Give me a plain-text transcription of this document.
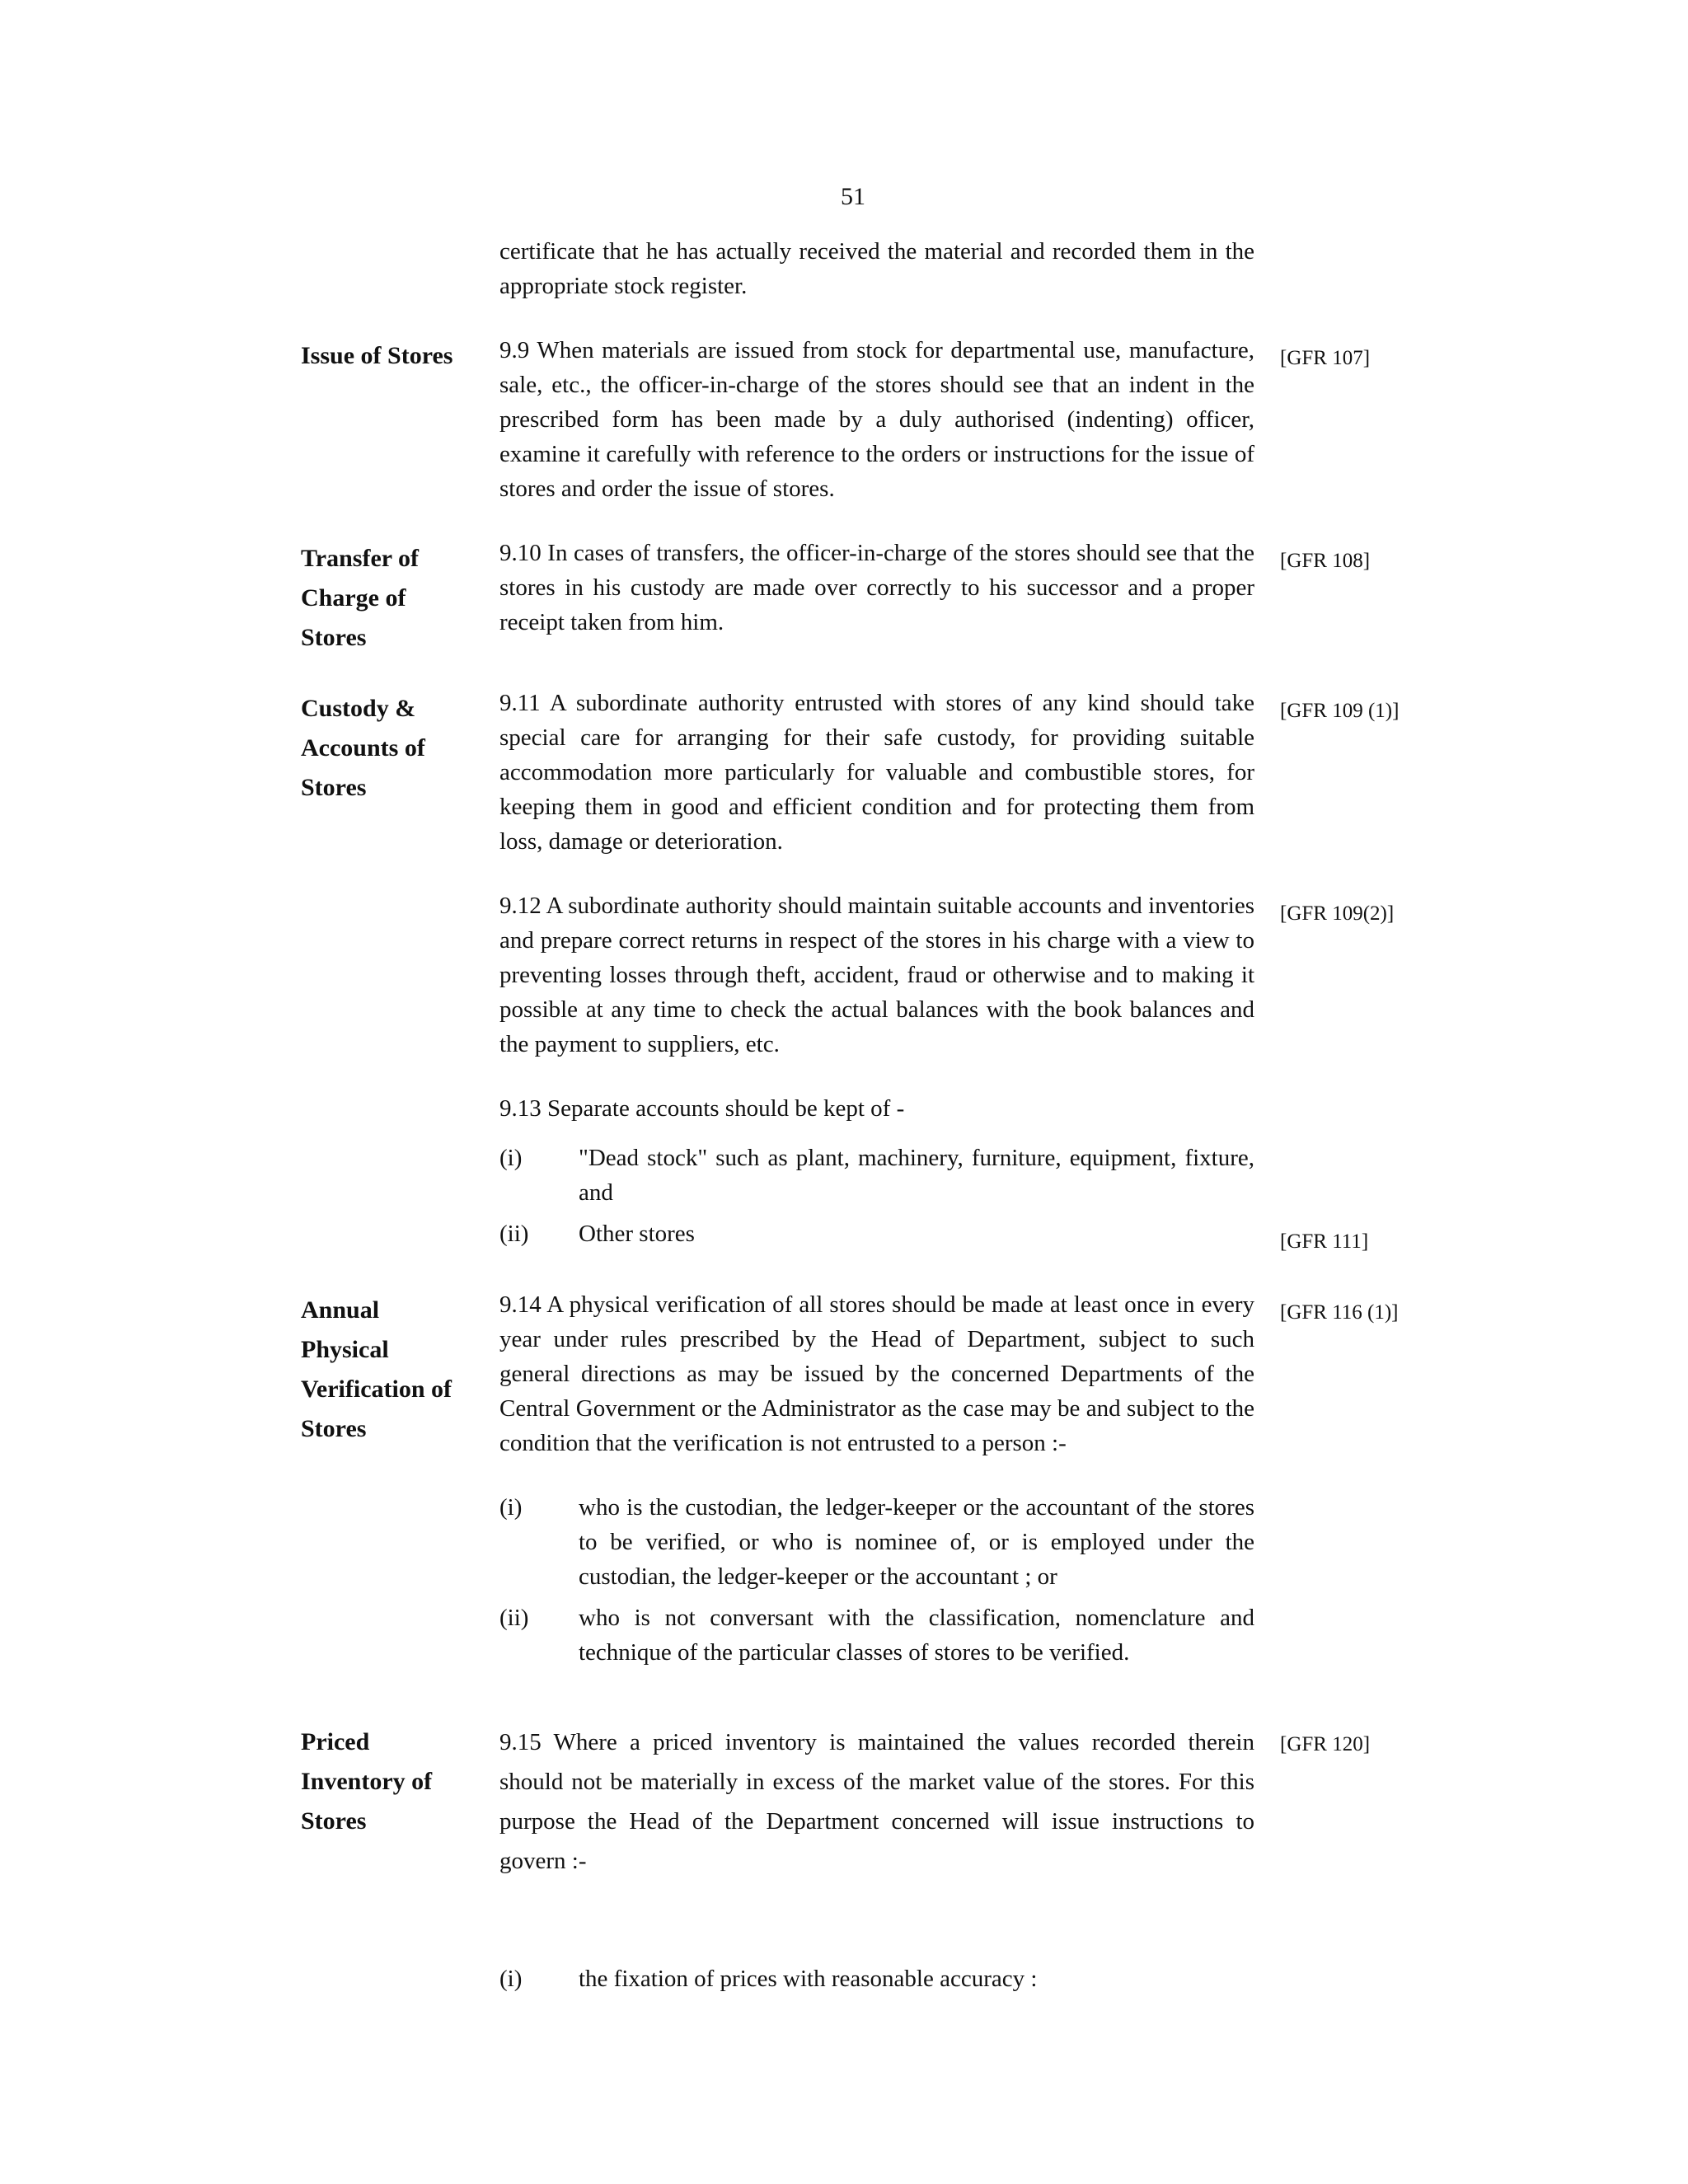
51
certificate that he has actually received the material and recorded them in the appropriate stock register.
Issue of Stores	9.9 When materials are issued from stock for departmental use, manufacture, sale, etc., the officer-in-charge of the stores should see that an indent in the prescribed form has been made by a duly authorised (indenting) officer, examine it carefully with reference to the orders or instructions for the issue of stores and order the issue of stores.
[GFR 107]
Transfer of
Charge of
Stores
9.10 In cases of transfers, the officer-in-charge of the stores should see that the stores in his custody are made over correctly to his successor and a proper receipt taken from him.
[GFR 108]
Custody &
Accounts of
Stores
9.11 A subordinate authority entrusted with stores of any kind should take special care for arranging for their safe custody, for providing suitable accommodation more particularly for valuable and combustible stores, for keeping them in good and efficient condition and for protecting them from loss, damage or deterioration.
[GFR 109 (1)]
9.12 A subordinate authority should maintain suitable accounts and inventories and prepare correct returns in respect of the stores in his charge with a view to preventing losses through theft, accident, fraud or otherwise and to making it possible at any time to check the actual balances with the book balances and the payment to suppliers, etc.
[GFR 109(2)]
9.13 Separate accounts should be kept of -
(i) "Dead stock" such as plant, machinery, furniture, equipment, fixture, and
(ii) Other stores	[GFR 111]
Annual
Physical
Verification of
Stores
9.14 A physical verification of all stores should be made at least once in every year under rules prescribed by the Head of Department, subject to such general directions as may be issued by the concerned Departments of the Central Government or the Administrator as the case may be and subject to the condition that the verification is not entrusted to a person :-
[GFR 116 (1)]
(i) who is the custodian, the ledger-keeper or the accountant of the stores to be verified, or who is nominee of, or is employed under the custodian, the ledger-keeper or the accountant ; or
(ii) who is not conversant with the classification, nomenclature and technique of the particular classes of stores to be verified.
Priced
Inventory of
Stores
9.15 Where a priced inventory is maintained the values recorded therein should not be materially in excess of the market value of the stores. For this purpose the Head of the Department concerned will issue instructions to govern :-
[GFR 120]
(i) the fixation of prices with reasonable accuracy :
